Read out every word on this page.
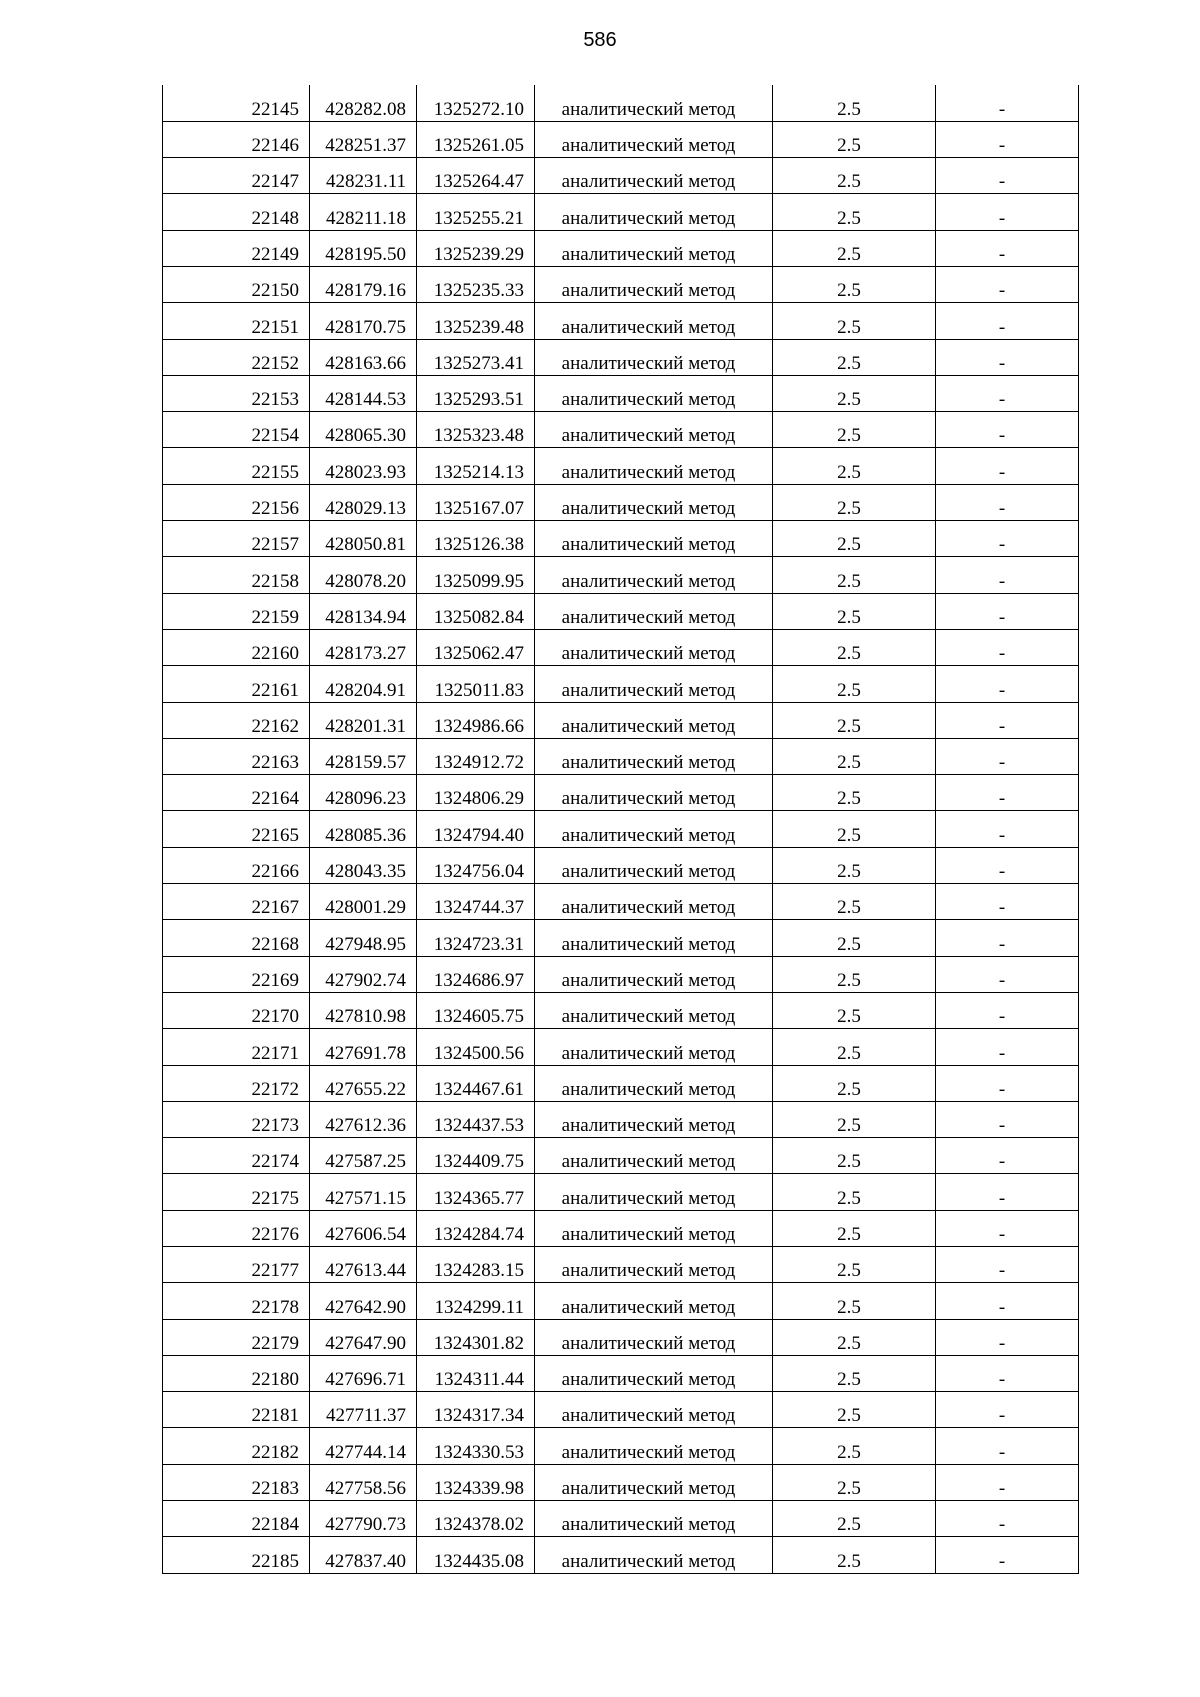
586
22145	428282.08	1325272.10	аналитический метод	2.5	-
22146	428251.37	1325261.05	аналитический метод	2.5	-
22147	428231.11	1325264.47	аналитический метод	2.5	-
22148	428211.18	1325255.21	аналитический метод	2.5	-
22149	428195.50	1325239.29	аналитический метод	2.5	-
22150	428179.16	1325235.33	аналитический метод	2.5	-
22151	428170.75	1325239.48	аналитический метод	2.5	-
22152	428163.66	1325273.41	аналитический метод	2.5	-
22153	428144.53	1325293.51	аналитический метод	2.5	-
22154	428065.30	1325323.48	аналитический метод	2.5	-
22155	428023.93	1325214.13	аналитический метод	2.5	-
22156	428029.13	1325167.07	аналитический метод	2.5	-
22157	428050.81	1325126.38	аналитический метод	2.5	-
22158	428078.20	1325099.95	аналитический метод	2.5	-
22159	428134.94	1325082.84	аналитический метод	2.5	-
22160	428173.27	1325062.47	аналитический метод	2.5	-
22161	428204.91	1325011.83	аналитический метод	2.5	-
22162	428201.31	1324986.66	аналитический метод	2.5	-
22163	428159.57	1324912.72	аналитический метод	2.5	-
22164	428096.23	1324806.29	аналитический метод	2.5	-
22165	428085.36	1324794.40	аналитический метод	2.5	-
22166	428043.35	1324756.04	аналитический метод	2.5	-
22167	428001.29	1324744.37	аналитический метод	2.5	-
22168	427948.95	1324723.31	аналитический метод	2.5	-
22169	427902.74	1324686.97	аналитический метод	2.5	-
22170	427810.98	1324605.75	аналитический метод	2.5	-
22171	427691.78	1324500.56	аналитический метод	2.5	-
22172	427655.22	1324467.61	аналитический метод	2.5	-
22173	427612.36	1324437.53	аналитический метод	2.5	-
22174	427587.25	1324409.75	аналитический метод	2.5	-
22175	427571.15	1324365.77	аналитический метод	2.5	-
22176	427606.54	1324284.74	аналитический метод	2.5	-
22177	427613.44	1324283.15	аналитический метод	2.5	-
22178	427642.90	1324299.11	аналитический метод	2.5	-
22179	427647.90	1324301.82	аналитический метод	2.5	-
22180	427696.71	1324311.44	аналитический метод	2.5	-
22181	427711.37	1324317.34	аналитический метод	2.5	-
22182	427744.14	1324330.53	аналитический метод	2.5	-
22183	427758.56	1324339.98	аналитический метод	2.5	-
22184	427790.73	1324378.02	аналитический метод	2.5	-
22185	427837.40	1324435.08	аналитический метод	2.5	-
